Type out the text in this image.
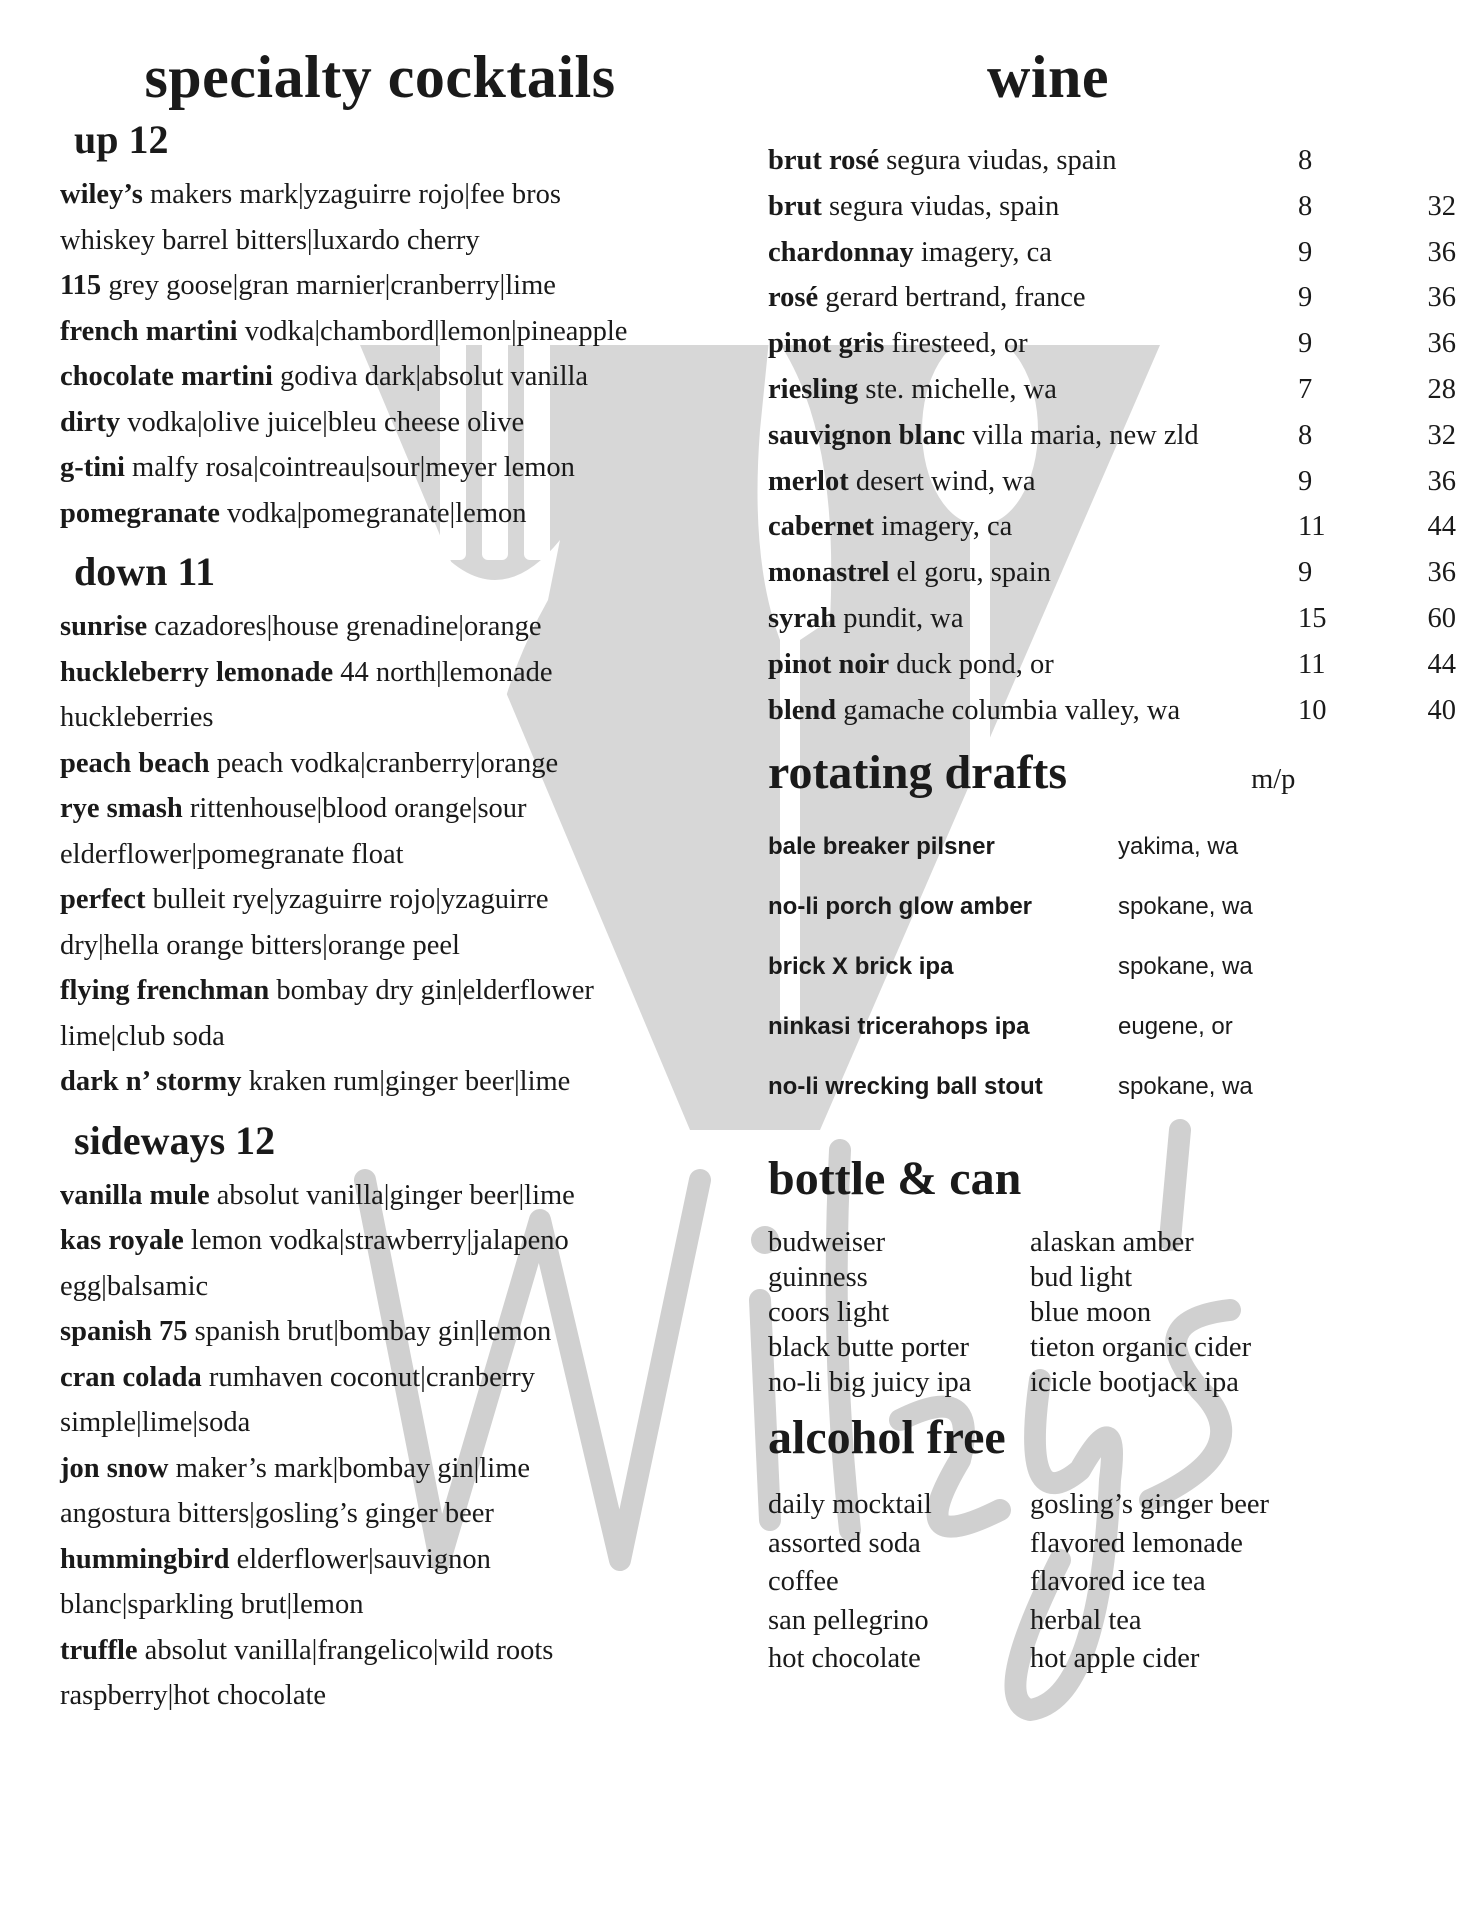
specialty cocktails
up 12
wiley’s makers mark|yzaguirre rojo|fee bros
whiskey barrel bitters|luxardo cherry
115 grey goose|gran marnier|cranberry|lime
french martini vodka|chambord|lemon|pineapple
chocolate martini godiva dark|absolut vanilla
dirty vodka|olive juice|bleu cheese olive
g-tini malfy rosa|cointreau|sour|meyer lemon
pomegranate vodka|pomegranate|lemon
down 11
sunrise cazadores|house grenadine|orange
huckleberry lemonade 44 north|lemonade
huckleberries
peach beach peach vodka|cranberry|orange
rye smash rittenhouse|blood orange|sour
elderflower|pomegranate float
perfect bulleit rye|yzaguirre rojo|yzaguirre
dry|hella orange bitters|orange peel
flying frenchman bombay dry gin|elderflower
lime|club soda
dark n’ stormy kraken rum|ginger beer|lime
sideways 12
vanilla mule absolut vanilla|ginger beer|lime
kas royale lemon vodka|strawberry|jalapeno
egg|balsamic
spanish 75 spanish brut|bombay gin|lemon
cran colada rumhaven coconut|cranberry
simple|lime|soda
jon snow maker’s mark|bombay gin|lime
angostura bitters|gosling’s ginger beer
hummingbird elderflower|sauvignon
blanc|sparkling brut|lemon
truffle absolut vanilla|frangelico|wild roots
raspberry|hot chocolate
wine
brut rosé segura viudas, spain	8
brut segura viudas, spain	8	32
chardonnay imagery, ca	9	36
rosé gerard bertrand, france	9	36
pinot gris firesteed, or	9	36
riesling ste. michelle, wa	7	28
sauvignon blanc villa maria, new zld	8	32
merlot desert wind, wa	9	36
cabernet imagery, ca	11	44
monastrel el goru, spain	9	36
syrah pundit, wa	15	60
pinot noir duck pond, or	11	44
blend gamache columbia valley, wa	10	40
rotating drafts	m/p
bale breaker pilsner	yakima, wa
no-li porch glow amber	spokane, wa
brick X brick ipa	spokane, wa
ninkasi tricerahops ipa	eugene, or
no-li wrecking ball stout	spokane, wa
bottle & can
budweiser	alaskan amber
guinness	bud light
coors light	blue moon
black butte porter	tieton organic cider
no-li big juicy ipa	icicle bootjack ipa
alcohol free
daily mocktail	gosling’s ginger beer
assorted soda	flavored lemonade
coffee	flavored ice tea
san pellegrino	herbal tea
hot chocolate	hot apple cider
